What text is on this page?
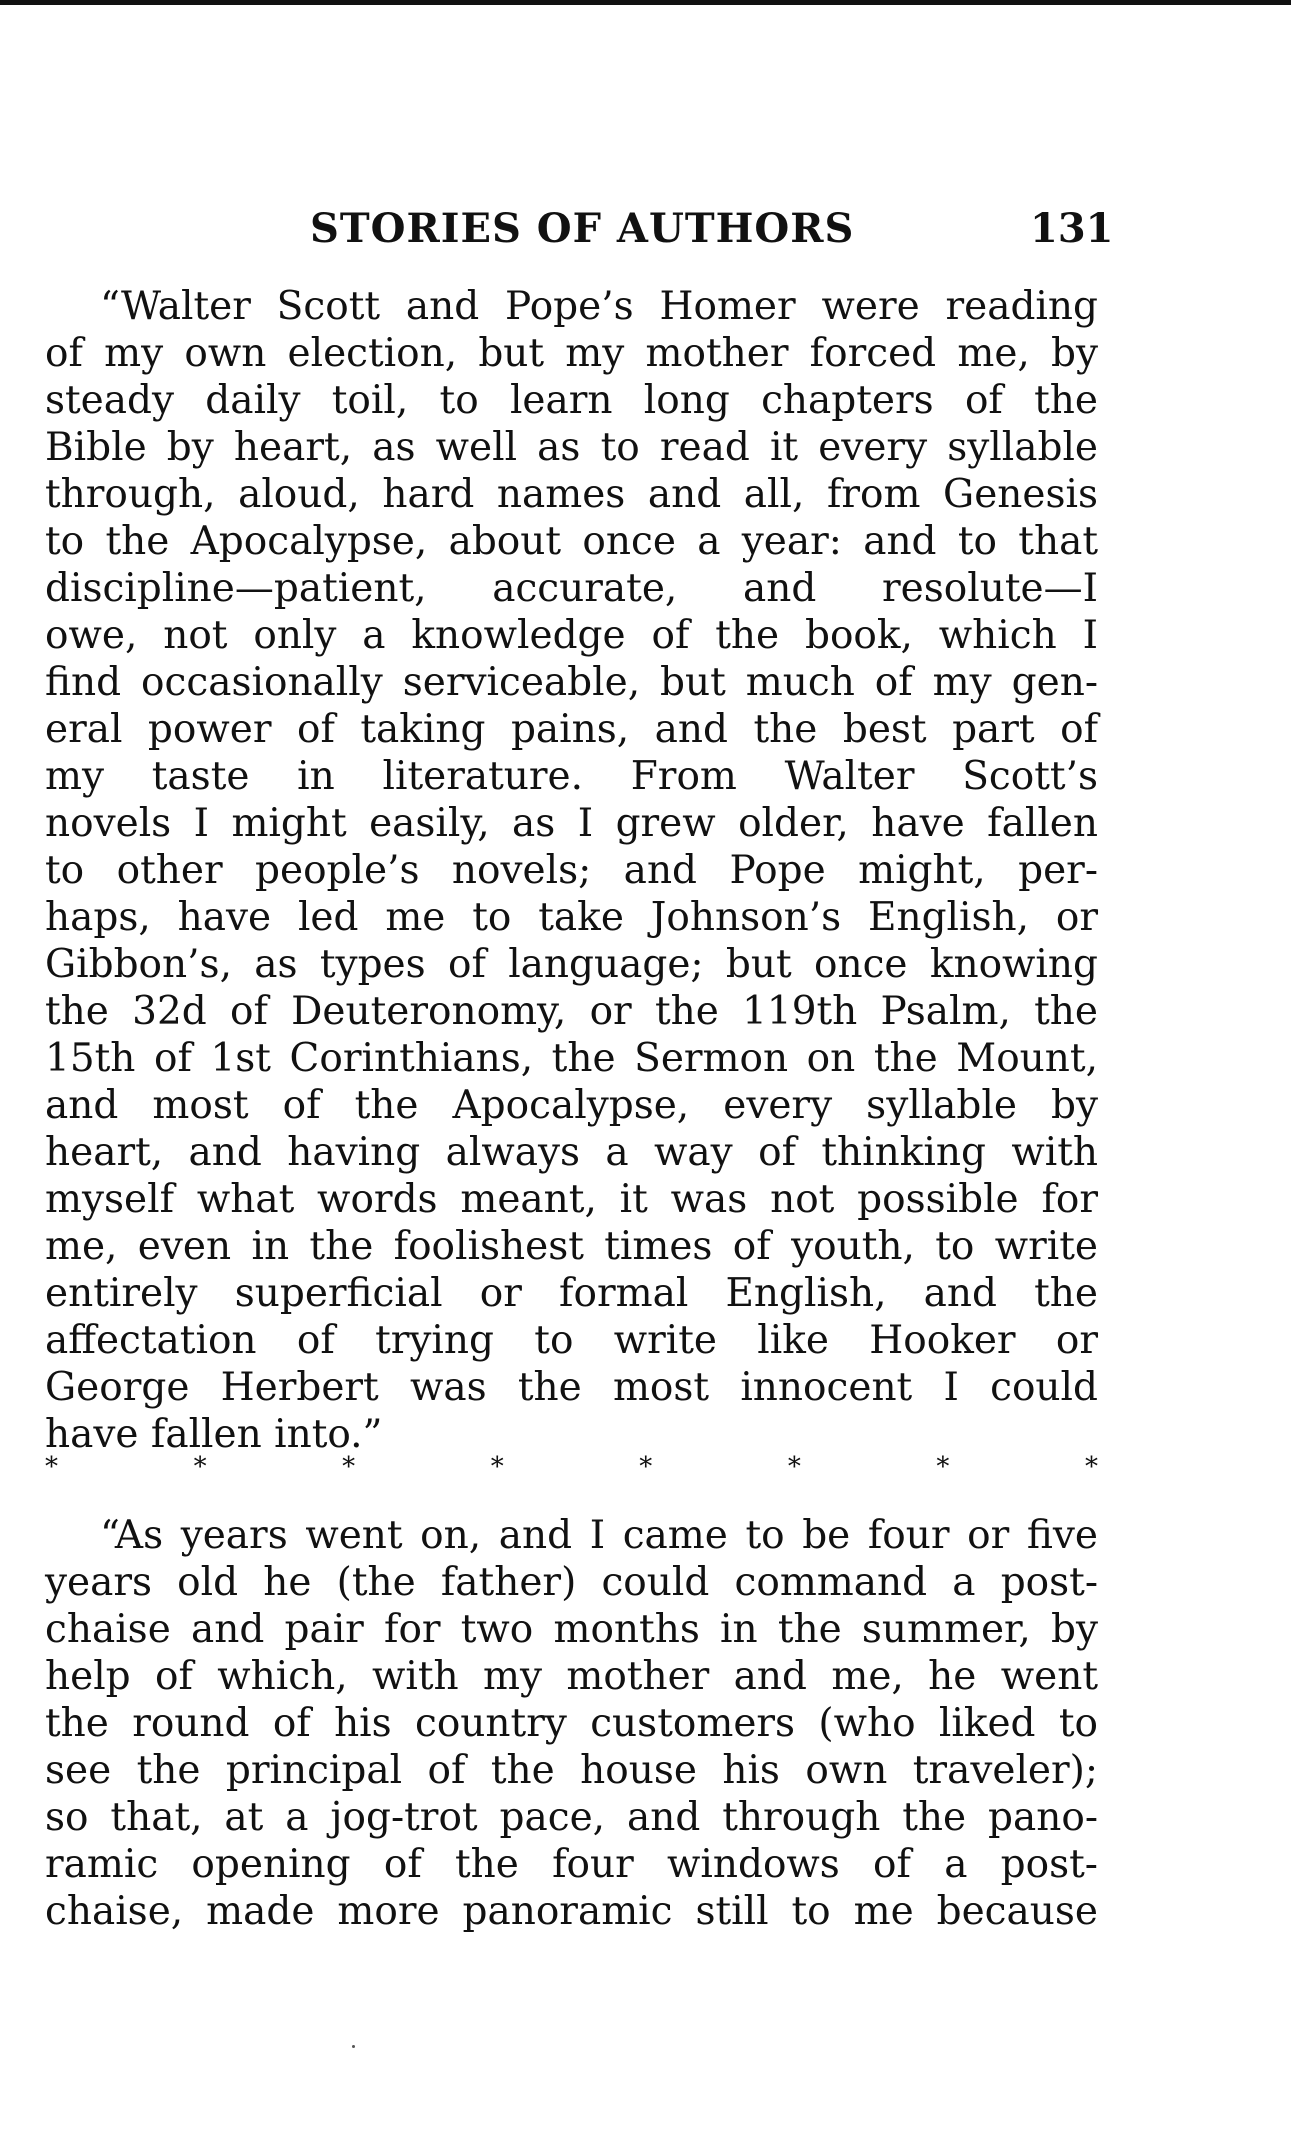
STORIES OF AUTHORS	131
“Walter Scott and Pope’s Homer were reading
of my own election, but my mother forced me, by
steady daily toil, to learn long chapters of the
Bible by heart, as well as to read it every syllable
through, aloud, hard names and all, from Genesis
to the Apocalypse, about once a year: and to that
discipline—patient, accurate, and resolute—I
owe, not only a knowledge of the book, which I
find occasionally serviceable, but much of my gen-
eral power of taking pains, and the best part of
my taste in literature. From Walter Scott’s
novels I might easily, as I grew older, have fallen
to other people’s novels; and Pope might, per-
haps, have led me to take Johnson’s English, or
Gibbon’s, as types of language; but once knowing
the 32d of Deuteronomy, or the 119th Psalm, the
15th of 1st Corinthians, the Sermon on the Mount,
and most of the Apocalypse, every syllable by
heart, and having always a way of thinking with
myself what words meant, it was not possible for
me, even in the foolishest times of youth, to write
entirely superficial or formal English, and the
affectation of trying to write like Hooker or
George Herbert was the most innocent I could
have fallen into.”
*	*	*	*	*	*	*	*
“As years went on, and I came to be four or five
years old he (the father) could command a post-
chaise and pair for two months in the summer, by
help of which, with my mother and me, he went
the round of his country customers (who liked to
see the principal of the house his own traveler);
so that, at a jog-trot pace, and through the pano-
ramic opening of the four windows of a post-
chaise, made more panoramic still to me because
